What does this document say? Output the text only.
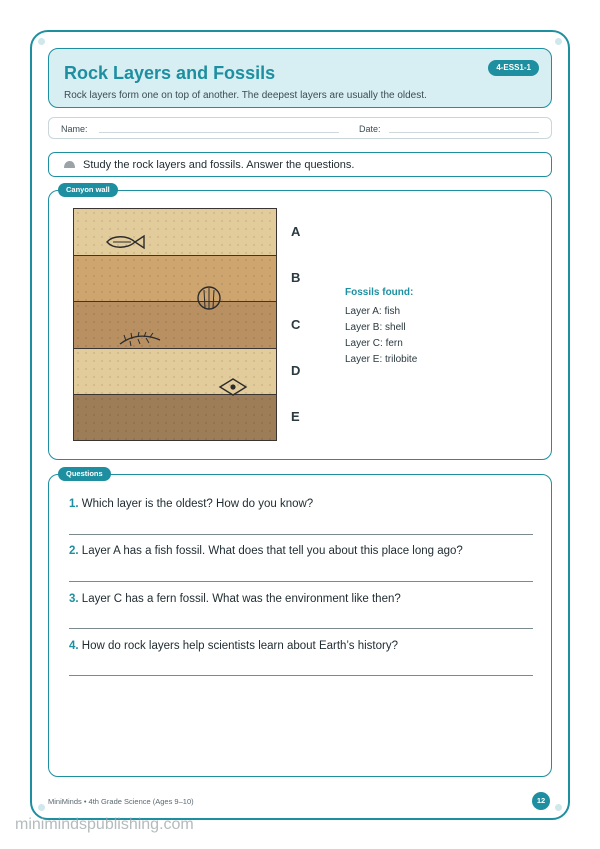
Rock Layers and Fossils
Rock layers form one on top of another. The deepest layers are usually the oldest.
4-ESS1-1
Name:	Date:
Study the rock layers and fossils. Answer the questions.
Canyon wall
A
B
C
D
E
Fossils found:
Layer A: fish
Layer B: shell
Layer C: fern
Layer E: trilobite
Questions
1. Which layer is the oldest? How do you know?
2. Layer A has a fish fossil. What does that tell you about this place long ago?
3. Layer C has a fern fossil. What was the environment like then?
4. How do rock layers help scientists learn about Earth’s history?
MiniMinds • 4th Grade Science (Ages 9–10)	12
minimindspublishing.com
